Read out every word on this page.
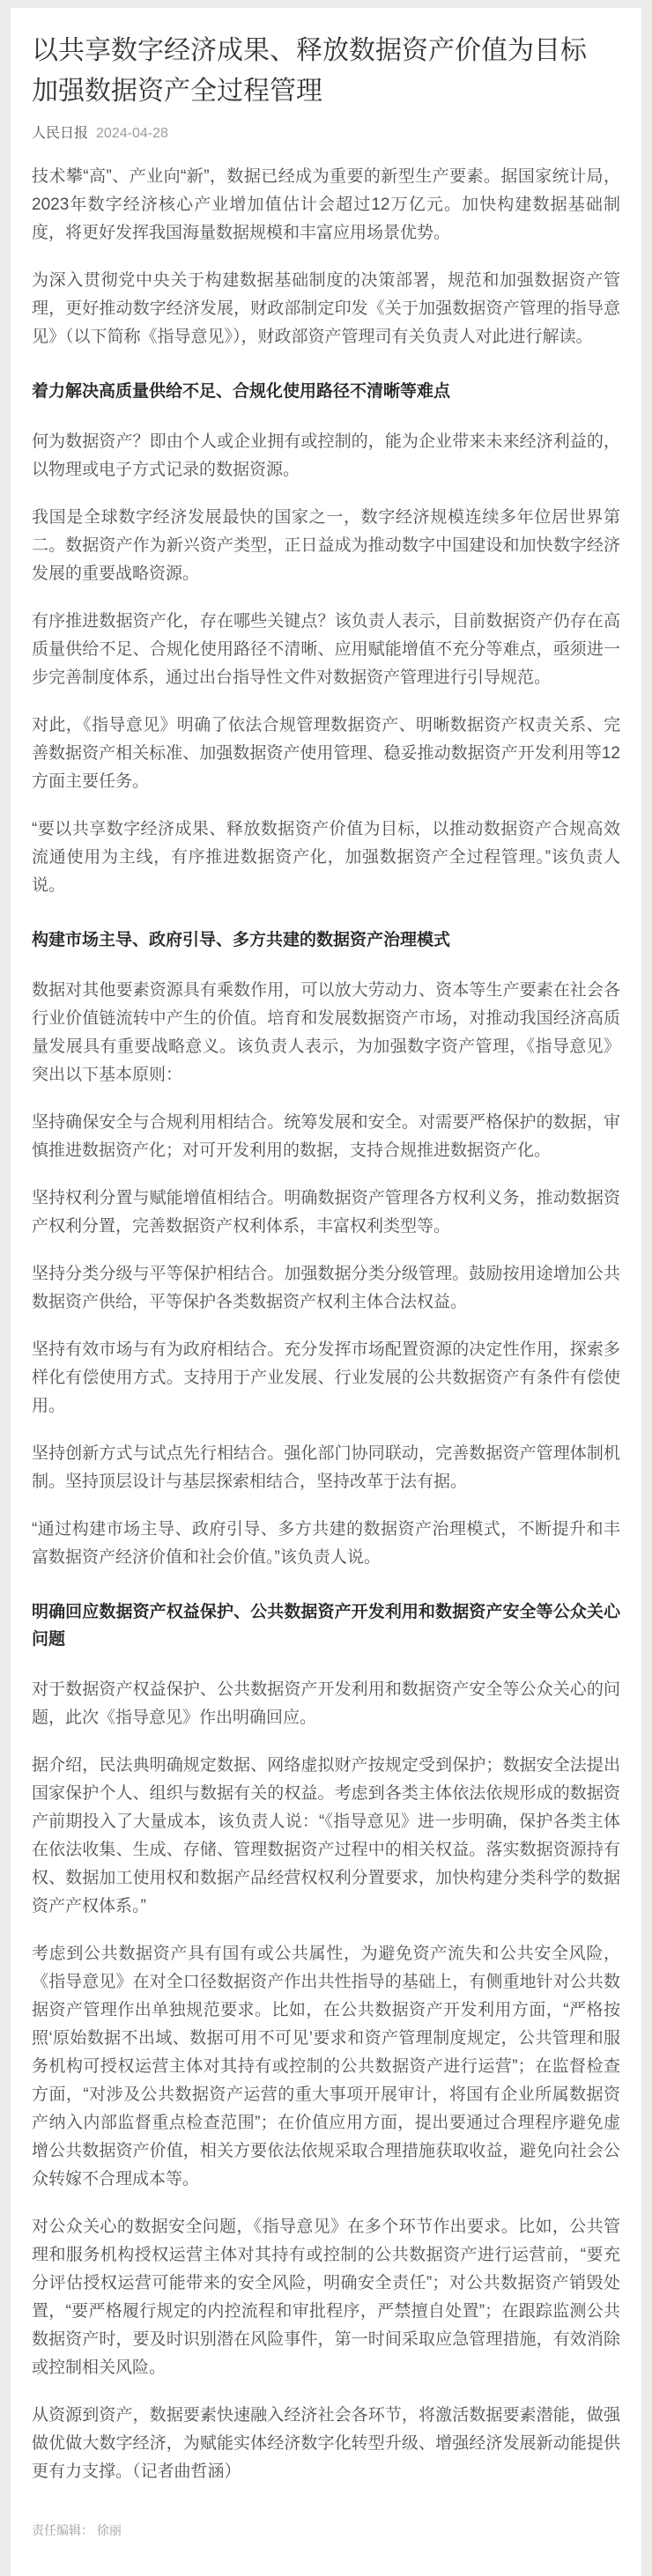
以共享数字经济成果、释放数据资产价值为目标 加强数据资产全过程管理
人民日报 2024-04-28

技术攀“高”、产业向“新”，数据已经成为重要的新型生产要素。据国家统计局，2023年数字经济核心产业增加值估计会超过12万亿元。加快构建数据基础制度，将更好发挥我国海量数据规模和丰富应用场景优势。

为深入贯彻党中央关于构建数据基础制度的决策部署，规范和加强数据资产管理，更好推动数字经济发展，财政部制定印发《关于加强数据资产管理的指导意见》（以下简称《指导意见》），财政部资产管理司有关负责人对此进行解读。

着力解决高质量供给不足、合规化使用路径不清晰等难点

何为数据资产？即由个人或企业拥有或控制的，能为企业带来未来经济利益的，以物理或电子方式记录的数据资源。

我国是全球数字经济发展最快的国家之一，数字经济规模连续多年位居世界第二。数据资产作为新兴资产类型，正日益成为推动数字中国建设和加快数字经济发展的重要战略资源。

有序推进数据资产化，存在哪些关键点？该负责人表示，目前数据资产仍存在高质量供给不足、合规化使用路径不清晰、应用赋能增值不充分等难点，亟须进一步完善制度体系，通过出台指导性文件对数据资产管理进行引导规范。

对此，《指导意见》明确了依法合规管理数据资产、明晰数据资产权责关系、完善数据资产相关标准、加强数据资产使用管理、稳妥推动数据资产开发利用等12方面主要任务。

“要以共享数字经济成果、释放数据资产价值为目标，以推动数据资产合规高效流通使用为主线，有序推进数据资产化，加强数据资产全过程管理。”该负责人说。

构建市场主导、政府引导、多方共建的数据资产治理模式

数据对其他要素资源具有乘数作用，可以放大劳动力、资本等生产要素在社会各行业价值链流转中产生的价值。培育和发展数据资产市场，对推动我国经济高质量发展具有重要战略意义。该负责人表示，为加强数字资产管理，《指导意见》突出以下基本原则：

坚持确保安全与合规利用相结合。统筹发展和安全。对需要严格保护的数据，审慎推进数据资产化；对可开发利用的数据，支持合规推进数据资产化。

坚持权利分置与赋能增值相结合。明确数据资产管理各方权利义务，推动数据资产权利分置，完善数据资产权利体系，丰富权利类型等。

坚持分类分级与平等保护相结合。加强数据分类分级管理。鼓励按用途增加公共数据资产供给，平等保护各类数据资产权利主体合法权益。

坚持有效市场与有为政府相结合。充分发挥市场配置资源的决定性作用，探索多样化有偿使用方式。支持用于产业发展、行业发展的公共数据资产有条件有偿使用。

坚持创新方式与试点先行相结合。强化部门协同联动，完善数据资产管理体制机制。坚持顶层设计与基层探索相结合，坚持改革于法有据。

“通过构建市场主导、政府引导、多方共建的数据资产治理模式，不断提升和丰富数据资产经济价值和社会价值。”该负责人说。

明确回应数据资产权益保护、公共数据资产开发利用和数据资产安全等公众关心问题

对于数据资产权益保护、公共数据资产开发利用和数据资产安全等公众关心的问题，此次《指导意见》作出明确回应。

据介绍，民法典明确规定数据、网络虚拟财产按规定受到保护；数据安全法提出国家保护个人、组织与数据有关的权益。考虑到各类主体依法依规形成的数据资产前期投入了大量成本，该负责人说：“《指导意见》进一步明确，保护各类主体在依法收集、生成、存储、管理数据资产过程中的相关权益。落实数据资源持有权、数据加工使用权和数据产品经营权权利分置要求，加快构建分类科学的数据资产产权体系。”

考虑到公共数据资产具有国有或公共属性，为避免资产流失和公共安全风险，《指导意见》在对全口径数据资产作出共性指导的基础上，有侧重地针对公共数据资产管理作出单独规范要求。比如，在公共数据资产开发利用方面，“严格按照‘原始数据不出域、数据可用不可见’要求和资产管理制度规定，公共管理和服务机构可授权运营主体对其持有或控制的公共数据资产进行运营”；在监督检查方面，“对涉及公共数据资产运营的重大事项开展审计，将国有企业所属数据资产纳入内部监督重点检查范围”；在价值应用方面，提出要通过合理程序避免虚增公共数据资产价值，相关方要依法依规采取合理措施获取收益，避免向社会公众转嫁不合理成本等。

对公众关心的数据安全问题，《指导意见》在多个环节作出要求。比如，公共管理和服务机构授权运营主体对其持有或控制的公共数据资产进行运营前，“要充分评估授权运营可能带来的安全风险，明确安全责任”；对公共数据资产销毁处置，“要严格履行规定的内控流程和审批程序，严禁擅自处置”；在跟踪监测公共数据资产时，要及时识别潜在风险事件，第一时间采取应急管理措施，有效消除或控制相关风险。

从资源到资产，数据要素快速融入经济社会各环节，将激活数据要素潜能，做强做优做大数字经济，为赋能实体经济数字化转型升级、增强经济发展新动能提供更有力支撑。（记者曲哲涵）

责任编辑： 徐丽
